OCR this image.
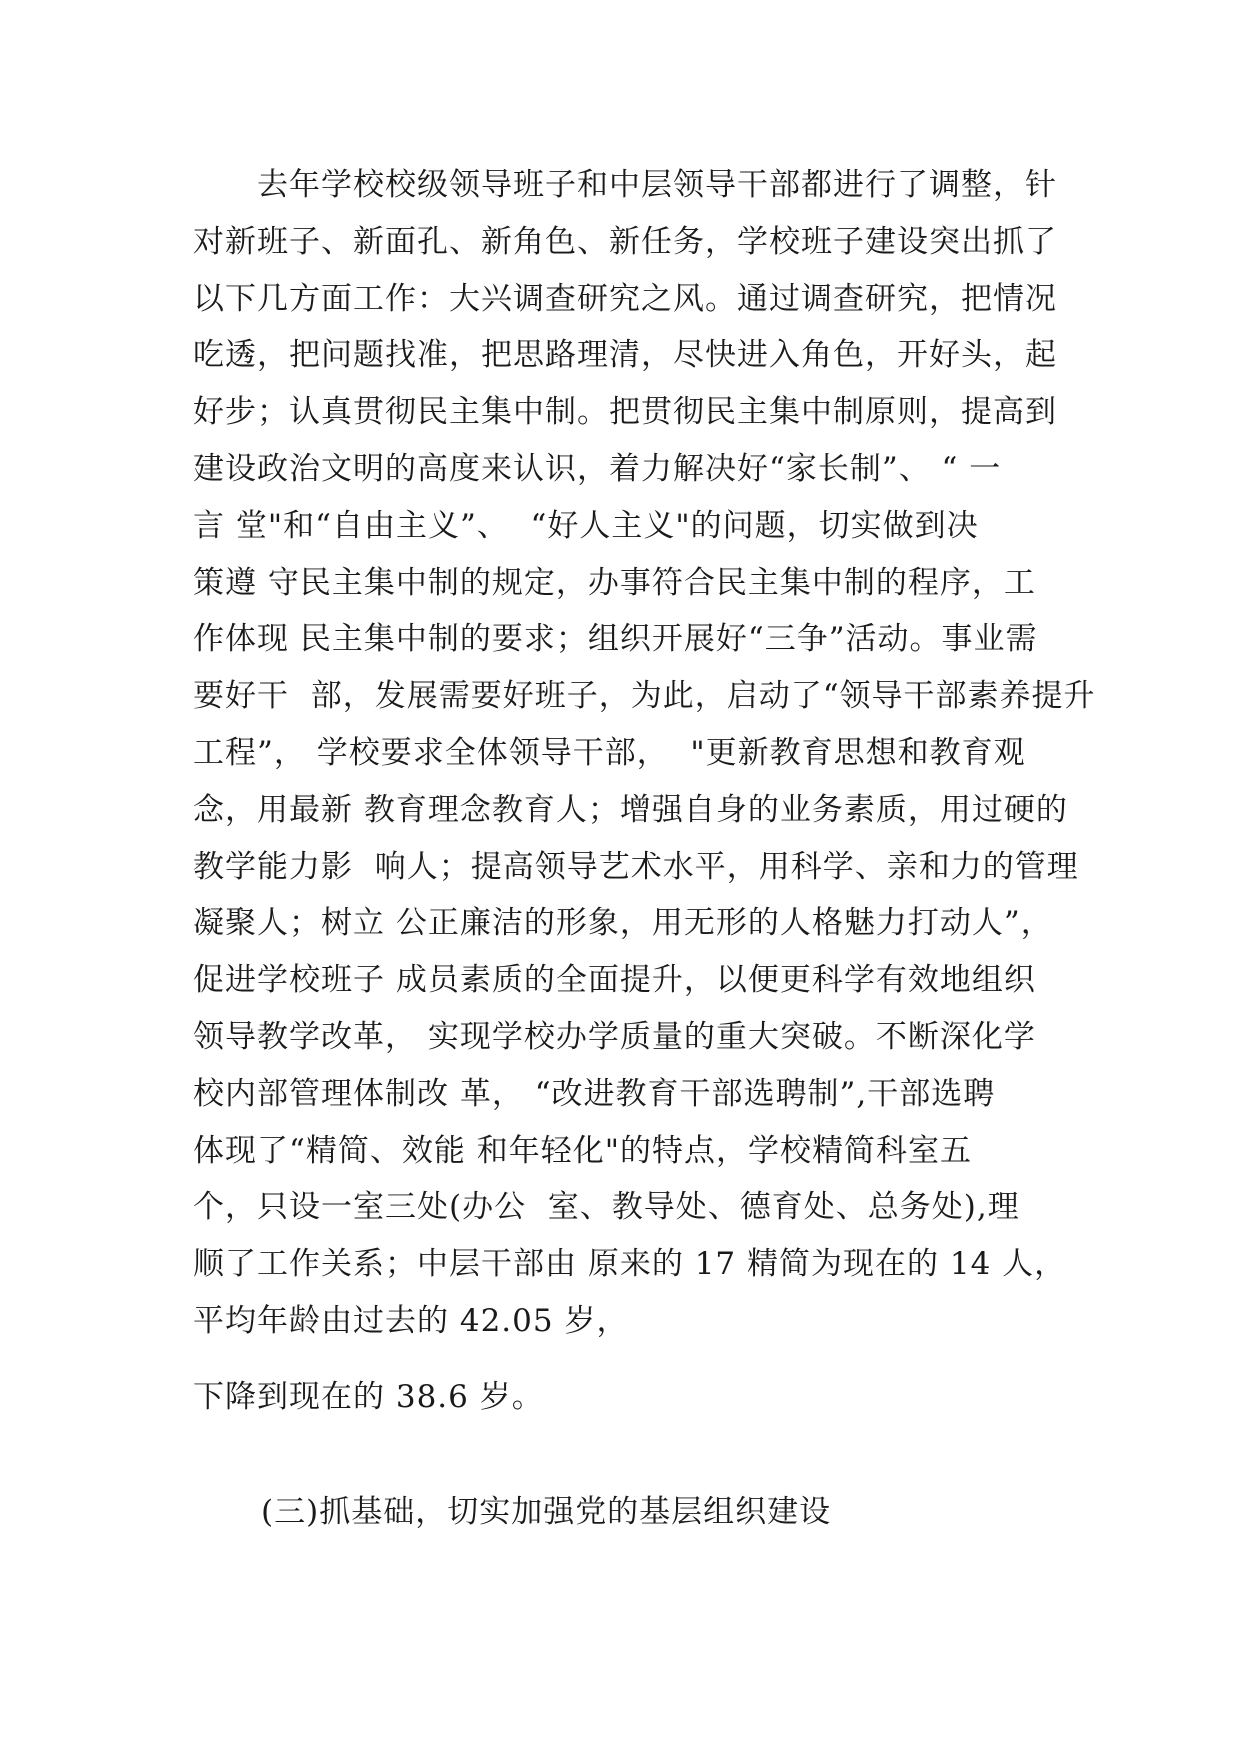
去年学校校级领导班子和中层领导干部都进行了调整，针
对新班子、新面孔、新角色、新任务，学校班子建设突出抓了
以下几方面工作：大兴调查研究之风。通过调查研究，把情况
吃透，把问题找准，把思路理清，尽快进入角色，开好头，起
好步；认真贯彻民主集中制。把贯彻民主集中制原则，提高到
建设政治文明的高度来认识，着力解决好“家长制”、 “ 一
言 堂"和“自由主义”、  “好人主义"的问题，切实做到决
策遵 守民主集中制的规定，办事符合民主集中制的程序，工
作体现 民主集中制的要求；组织开展好“三争”活动。事业需
要好干  部，发展需要好班子，为此，启动了“领导干部素养提升
工程”， 学校要求全体领导干部，  "更新教育思想和教育观
念，用最新 教育理念教育人；增强自身的业务素质，用过硬的
教学能力影  响人；提高领导艺术水平，用科学、亲和力的管理
凝聚人；树立 公正廉洁的形象，用无形的人格魅力打动人”，
促进学校班子 成员素质的全面提升，以便更科学有效地组织
领导教学改革， 实现学校办学质量的重大突破。不断深化学
校内部管理体制改 革， “改进教育干部选聘制”,干部选聘
体现了“精简、效能 和年轻化"的特点，学校精简科室五
个，只设一室三处(办公  室、教导处、德育处、总务处),理
顺了工作关系；中层干部由 原来的 17 精简为现在的 14 人，
平均年龄由过去的 42.05 岁，
下降到现在的 38.6 岁。
(三)抓基础，切实加强党的基层组织建设
